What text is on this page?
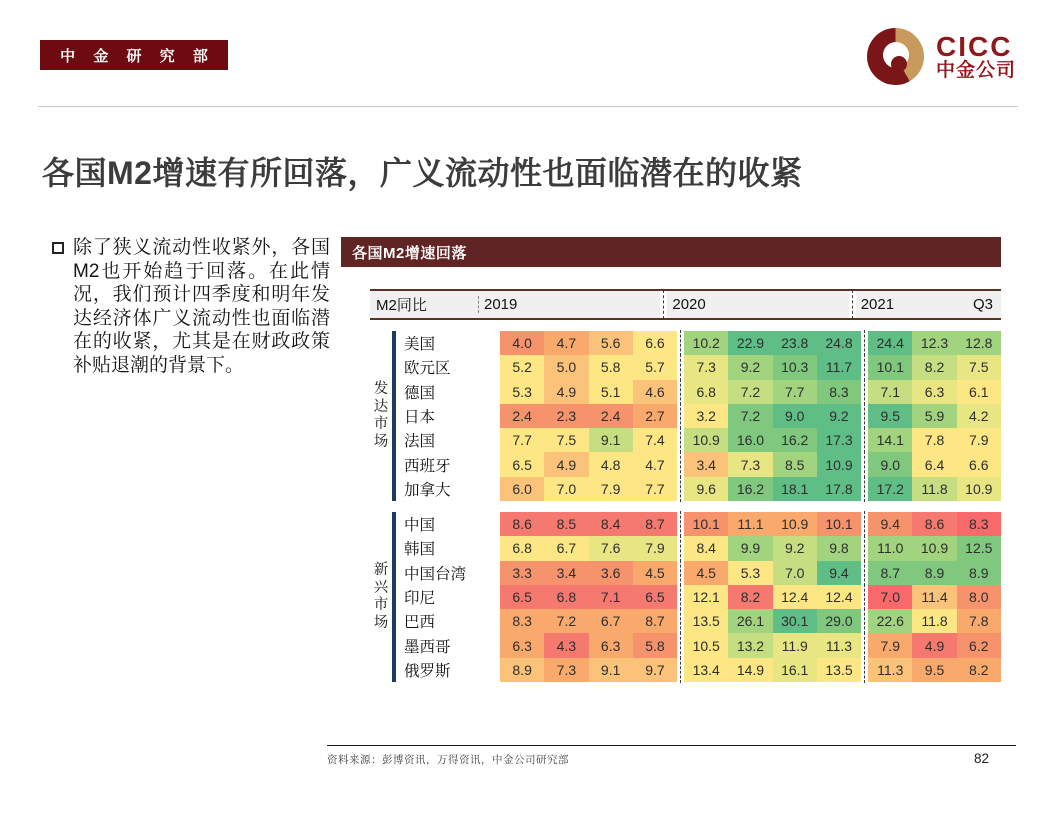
中 金 研 究 部	CICC
中金公司
各国M2增速有所回落，广义流动性也面临潜在的收紧
除了狭义流动性收紧外，各国M2也开始趋于回落。在此情况，我们预计四季度和明年发达经济体广义流动性也面临潜在的收紧，尤其是在财政政策补贴退潮的背景下。
各国M2增速回落
M2同比	2019	2020	2021	Q3
发
达
市
场
美国	4.0	4.7	5.6	6.6	10.2	22.9	23.8	24.8	24.4	12.3	12.8
欧元区	5.2	5.0	5.8	5.7	7.3	9.2	10.3	11.7	10.1	8.2	7.5
德国	5.3	4.9	5.1	4.6	6.8	7.2	7.7	8.3	7.1	6.3	6.1
日本	2.4	2.3	2.4	2.7	3.2	7.2	9.0	9.2	9.5	5.9	4.2
法国	7.7	7.5	9.1	7.4	10.9	16.0	16.2	17.3	14.1	7.8	7.9
西班牙	6.5	4.9	4.8	4.7	3.4	7.3	8.5	10.9	9.0	6.4	6.6
加拿大	6.0	7.0	7.9	7.7	9.6	16.2	18.1	17.8	17.2	11.8	10.9
新
兴
市
场
中国	8.6	8.5	8.4	8.7	10.1	11.1	10.9	10.1	9.4	8.6	8.3
韩国	6.8	6.7	7.6	7.9	8.4	9.9	9.2	9.8	11.0	10.9	12.5
中国台湾	3.3	3.4	3.6	4.5	4.5	5.3	7.0	9.4	8.7	8.9	8.9
印尼	6.5	6.8	7.1	6.5	12.1	8.2	12.4	12.4	7.0	11.4	8.0
巴西	8.3	7.2	6.7	8.7	13.5	26.1	30.1	29.0	22.6	11.8	7.8
墨西哥	6.3	4.3	6.3	5.8	10.5	13.2	11.9	11.3	7.9	4.9	6.2
俄罗斯	8.9	7.3	9.1	9.7	13.4	14.9	16.1	13.5	11.3	9.5	8.2
资料来源：彭博资讯，万得资讯，中金公司研究部	82
